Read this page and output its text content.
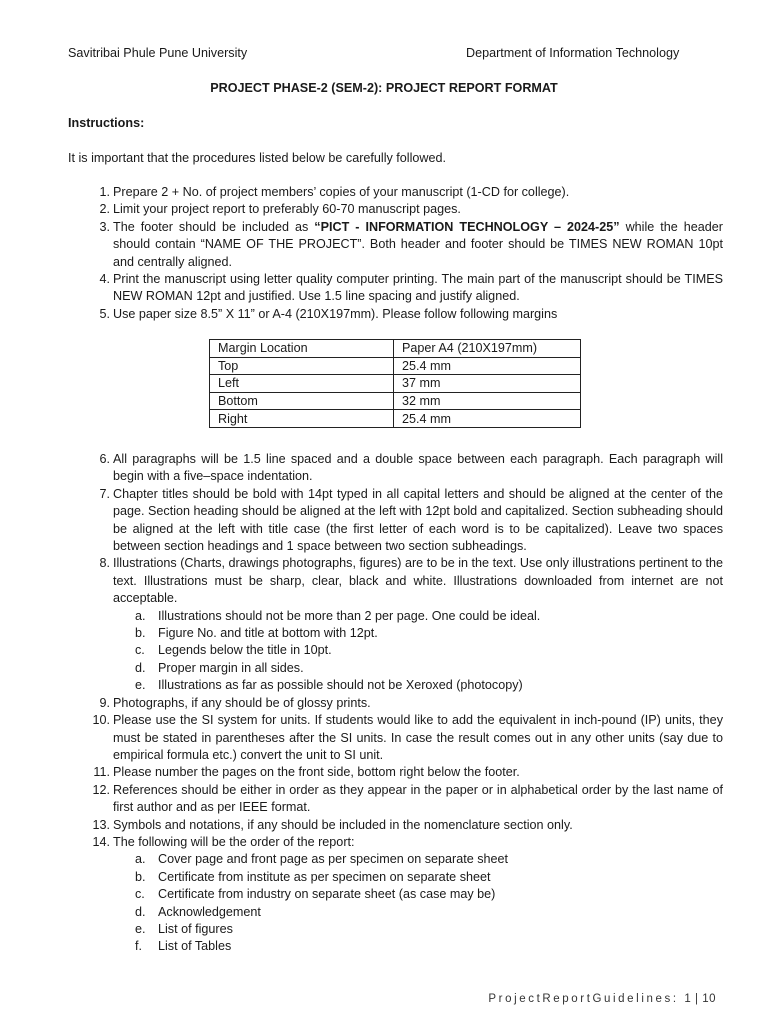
Savitribai Phule Pune University	Department of Information Technology
PROJECT PHASE-2 (SEM-2): PROJECT REPORT FORMAT
Instructions:
It is important that the procedures listed below be carefully followed.
1. Prepare 2 + No. of project members’ copies of your manuscript (1-CD for college).
2. Limit your project report to preferably 60-70 manuscript pages.
3. The footer should be included as “PICT - INFORMATION TECHNOLOGY – 2024-25” while the header should contain “NAME OF THE PROJECT”. Both header and footer should be TIMES NEW ROMAN 10pt and centrally aligned.
4. Print the manuscript using letter quality computer printing. The main part of the manuscript should be TIMES NEW ROMAN 12pt and justified. Use 1.5 line spacing and justify aligned.
5. Use paper size 8.5” X 11” or A-4 (210X197mm). Please follow following margins
Margin Location	Paper A4 (210X197mm)
Top	25.4 mm
Left	37 mm
Bottom	32 mm
Right	25.4 mm
6. All paragraphs will be 1.5 line spaced and a double space between each paragraph. Each paragraph will begin with a five–space indentation.
7. Chapter titles should be bold with 14pt typed in all capital letters and should be aligned at the center of the page. Section heading should be aligned at the left with 12pt bold and capitalized. Section subheading should be aligned at the left with title case (the first letter of each word is to be capitalized). Leave two spaces between section headings and 1 space between two section subheadings.
8. Illustrations (Charts, drawings photographs, figures) are to be in the text. Use only illustrations pertinent to the text. Illustrations must be sharp, clear, black and white. Illustrations downloaded from internet are not acceptable.
a. Illustrations should not be more than 2 per page. One could be ideal.
b. Figure No. and title at bottom with 12pt.
c. Legends below the title in 10pt.
d. Proper margin in all sides.
e. Illustrations as far as possible should not be Xeroxed (photocopy)
9. Photographs, if any should be of glossy prints.
10. Please use the SI system for units. If students would like to add the equivalent in inch-pound (IP) units, they must be stated in parentheses after the SI units. In case the result comes out in any other units (say due to empirical formula etc.) convert the unit to SI unit.
11. Please number the pages on the front side, bottom right below the footer.
12. References should be either in order as they appear in the paper or in alphabetical order by the last name of first author and as per IEEE format.
13. Symbols and notations, if any should be included in the nomenclature section only.
14. The following will be the order of the report:
a. Cover page and front page as per specimen on separate sheet
b. Certificate from institute as per specimen on separate sheet
c. Certificate from industry on separate sheet (as case may be)
d. Acknowledgement
e. List of figures
f. List of Tables
ProjectReportGuidelines: 1 | 10
